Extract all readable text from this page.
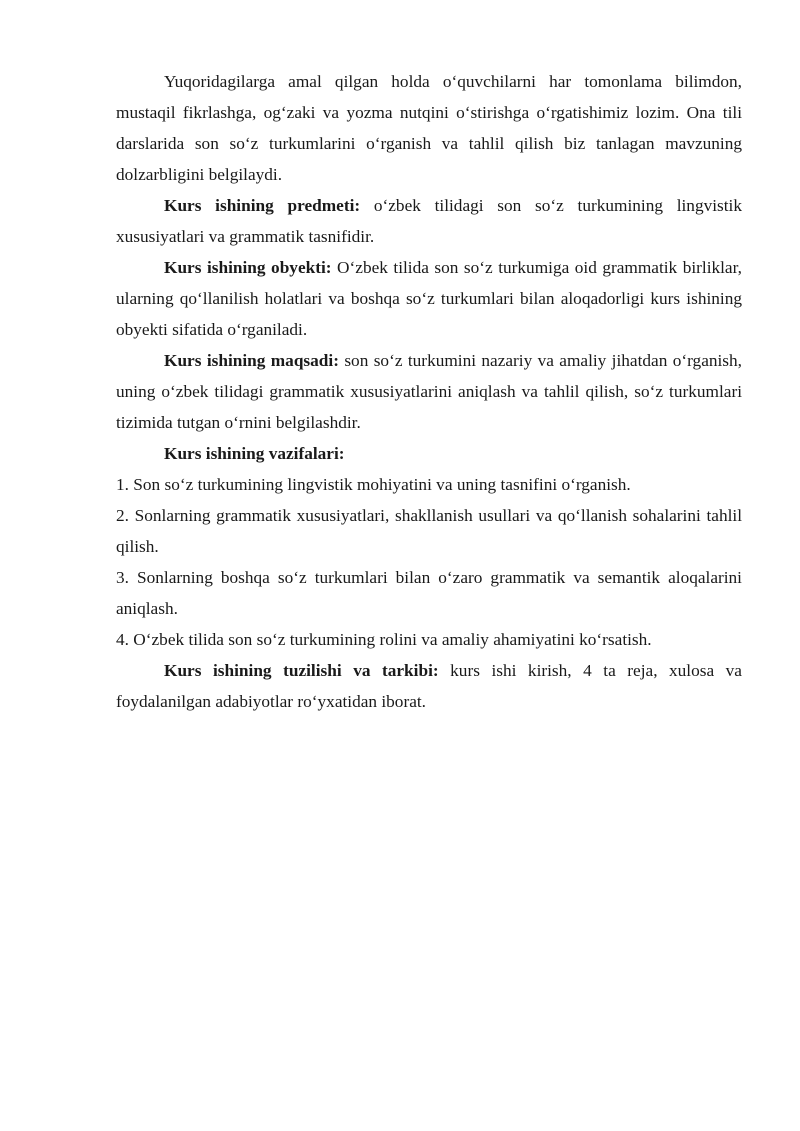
Yuqoridagilarga amal qilgan holda o‘quvchilarni har tomonlama bilimdon, mustaqil fikrlashga, og‘zaki va yozma nutqini o‘stirishga o‘rgatishimiz lozim. Ona tili darslarida son so‘z turkumlarini o‘rganish va tahlil qilish biz tanlagan mavzuning dolzarbligini belgilaydi.

Kurs ishining predmeti: o‘zbek tilidagi son so‘z turkumining lingvistik xususiyatlari va grammatik tasnifidir.

Kurs ishining obyekti: O‘zbek tilida son so‘z turkumiga oid grammatik birliklar, ularning qo‘llanilish holatlari va boshqa so‘z turkumlari bilan aloqadorligi kurs ishining obyekti sifatida o‘rganiladi.

Kurs ishining maqsadi: son so‘z turkumini nazariy va amaliy jihatdan o‘rganish, uning o‘zbek tilidagi grammatik xususiyatlarini aniqlash va tahlil qilish, so‘z turkumlari tizimida tutgan o‘rnini belgilashdir.

Kurs ishining vazifalari:

1. Son so‘z turkumining lingvistik mohiyatini va uning tasnifini o‘rganish.

2. Sonlarning grammatik xususiyatlari, shakllanish usullari va qo‘llanish sohalarini tahlil qilish.

3. Sonlarning boshqa so‘z turkumlari bilan o‘zaro grammatik va semantik aloqalarini aniqlash.

4. O‘zbek tilida son so‘z turkumining rolini va amaliy ahamiyatini ko‘rsatish.

Kurs ishining tuzilishi va tarkibi: kurs ishi kirish, 4 ta reja, xulosa va foydalanilgan adabiyotlar ro‘yxatidan iborat.
